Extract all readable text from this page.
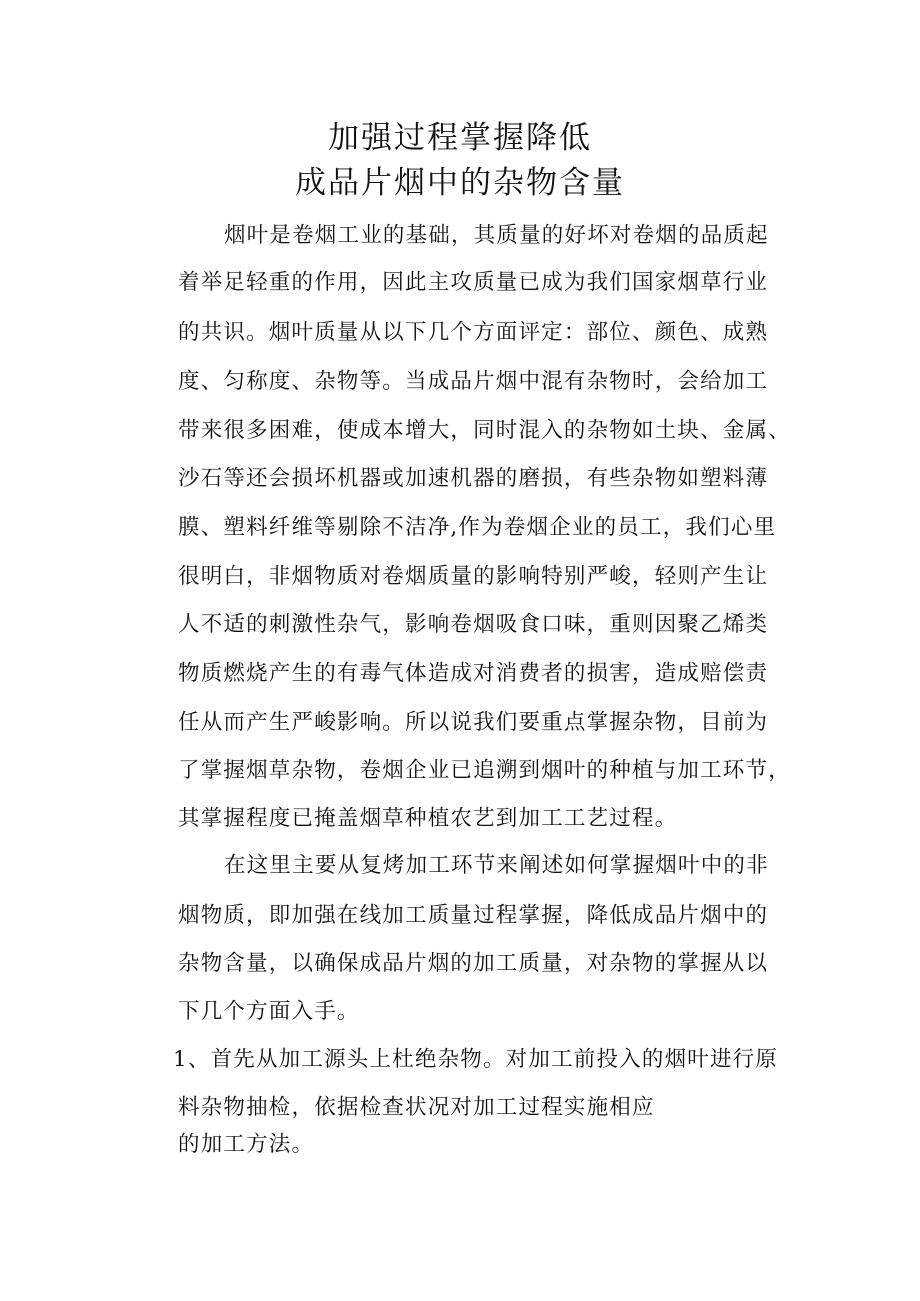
加强过程掌握降低
成品片烟中的杂物含量
烟叶是卷烟工业的基础，其质量的好坏对卷烟的品质起
着举足轻重的作用，因此主攻质量已成为我们国家烟草行业
的共识。烟叶质量从以下几个方面评定：部位、颜色、成熟
度、匀称度、杂物等。当成品片烟中混有杂物时，会给加工
带来很多困难，使成本增大，同时混入的杂物如土块、金属、
沙石等还会损坏机器或加速机器的磨损，有些杂物如塑料薄
膜、塑料纤维等剔除不洁净,作为卷烟企业的员工，我们心里
很明白，非烟物质对卷烟质量的影响特别严峻，轻则产生让
人不适的刺激性杂气，影响卷烟吸食口味，重则因聚乙烯类
物质燃烧产生的有毒气体造成对消费者的损害，造成赔偿责
任从而产生严峻影响。所以说我们要重点掌握杂物，目前为
了掌握烟草杂物，卷烟企业已追溯到烟叶的种植与加工环节，
其掌握程度已掩盖烟草种植农艺到加工工艺过程。
在这里主要从复烤加工环节来阐述如何掌握烟叶中的非
烟物质，即加强在线加工质量过程掌握，降低成品片烟中的
杂物含量，以确保成品片烟的加工质量，对杂物的掌握从以
下几个方面入手。
1、首先从加工源头上杜绝杂物。对加工前投入的烟叶进行原
料杂物抽检，依据检查状况对加工过程实施相应
的加工方法。
